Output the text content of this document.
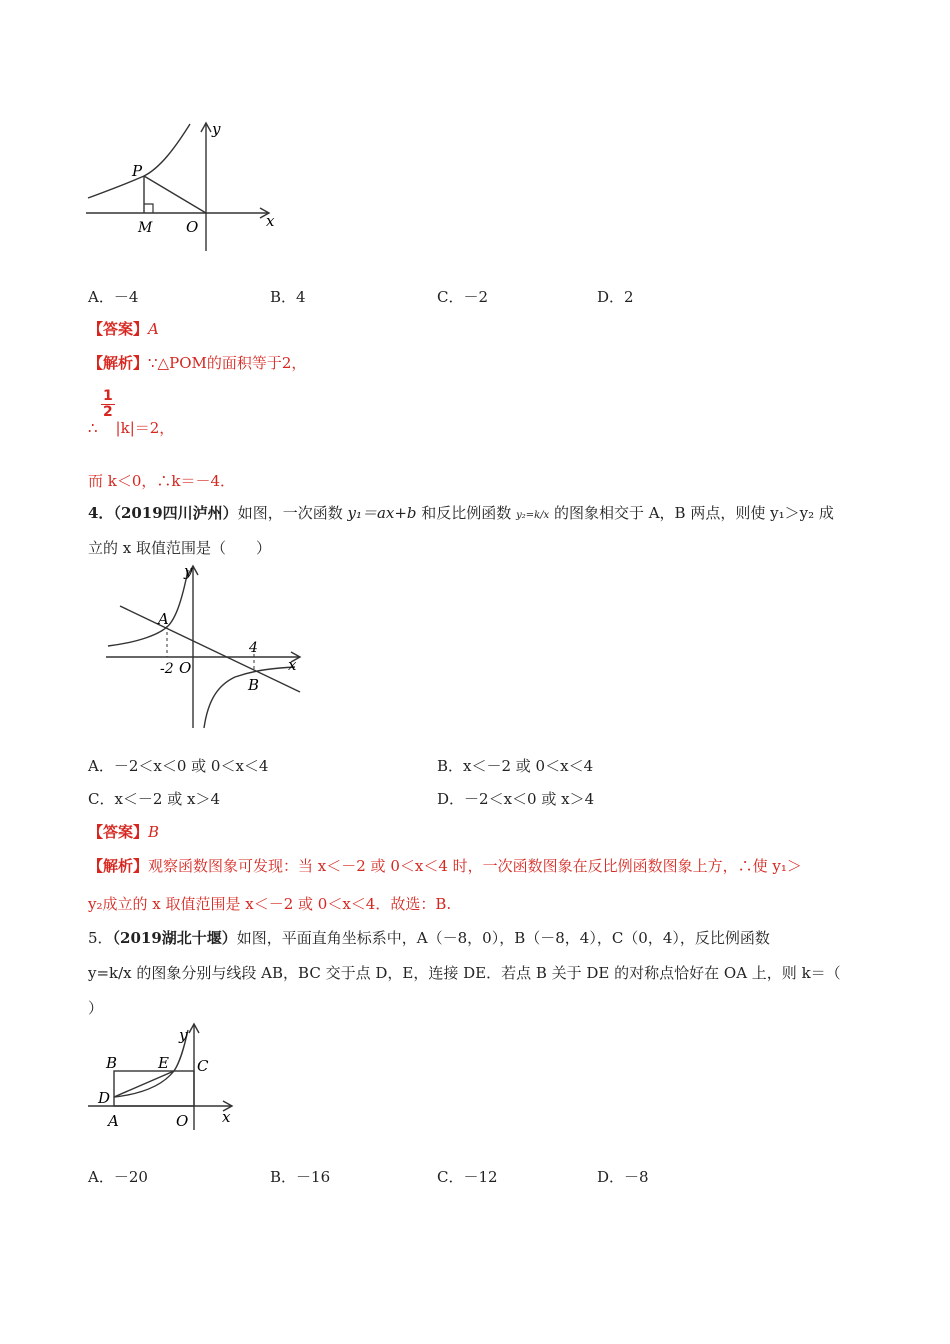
P
M O	x
y
A．－4	B．4	C．－2	D．2
【答案】A
【解析】∵△POM的面积等于2，
$\frac{1}{2}$
∴ |k|＝2，
而 k＜0，∴k＝－4．
4．（2019四川泸州）如图，一次函数 y₁＝ax+b 和反比例函数 y₂=k/x 的图象相交于 A，B 两点，则使 y₁＞y₂ 成
立的 x 取值范围是（　　）
A
B
-2 O
4
x
y
A．－2＜x＜0 或 0＜x＜4	B．x＜－2 或 0＜x＜4
C．x＜－2 或 x＞4	D．－2＜x＜0 或 x＞4
【答案】B
【解析】观察函数图象可发现：当 x＜－2 或 0＜x＜4 时，一次函数图象在反比例函数图象上方，∴使 y₁＞
y₂成立的 x 取值范围是 x＜－2 或 0＜x＜4．故选：B.
5．（2019湖北十堰）如图，平面直角坐标系中，A（－8，0），B（－8，4），C（0，4），反比例函数
y=k/x 的图象分别与线段 AB，BC 交于点 D，E，连接 DE．若点 B 关于 DE 的对称点恰好在 OA 上，则 k＝（
）
B	E C
D
A	O x
y
A．－20	B．－16	C．－12	D．－8
